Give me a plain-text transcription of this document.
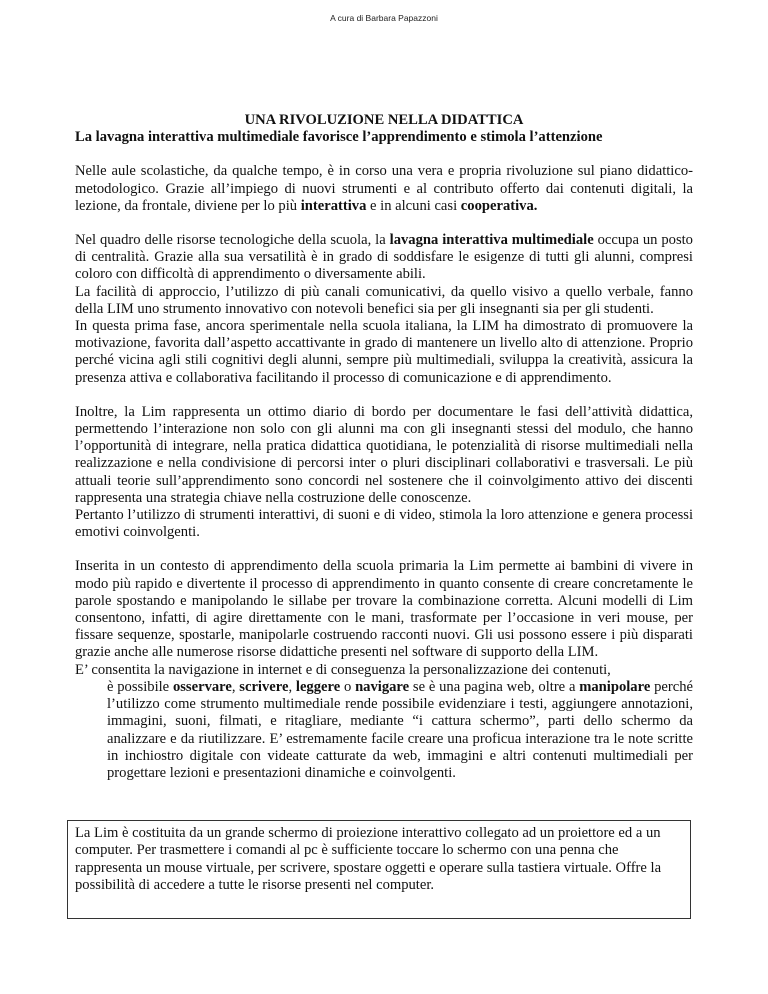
A cura di Barbara Papazzoni
UNA RIVOLUZIONE NELLA DIDATTICA
La lavagna interattiva multimediale favorisce l’apprendimento e stimola l’attenzione

Nelle aule scolastiche, da qualche tempo, è in corso una vera e propria rivoluzione sul piano didattico-metodologico. Grazie all’impiego di nuovi strumenti e al contributo offerto dai contenuti digitali, la lezione, da frontale, diviene per lo più interattiva e in alcuni casi cooperativa.

Nel quadro delle risorse tecnologiche della scuola, la lavagna interattiva multimediale occupa un posto di centralità. Grazie alla sua versatilità è in grado di soddisfare le esigenze di tutti gli alunni, compresi coloro con difficoltà di apprendimento o diversamente abili.
La facilità di approccio, l’utilizzo di più canali comunicativi, da quello visivo a quello verbale, fanno della LIM uno strumento innovativo con notevoli benefici sia per gli insegnanti sia per gli studenti.
In questa prima fase, ancora sperimentale nella scuola italiana, la LIM ha dimostrato di promuovere la motivazione, favorita dall’aspetto accattivante in grado di mantenere un livello alto di attenzione. Proprio perché vicina agli stili cognitivi degli alunni, sempre più multimediali, sviluppa la creatività, assicura la presenza attiva e collaborativa facilitando il processo di comunicazione e di apprendimento.

Inoltre, la Lim rappresenta un ottimo diario di bordo per documentare le fasi dell’attività didattica, permettendo l’interazione non solo con gli alunni ma con gli insegnanti stessi del modulo, che hanno l’opportunità di integrare, nella pratica didattica quotidiana, le potenzialità di risorse multimediali nella realizzazione e nella condivisione di percorsi inter o pluri disciplinari collaborativi e trasversali. Le più attuali teorie sull’apprendimento sono concordi nel sostenere che il coinvolgimento attivo dei discenti rappresenta una strategia chiave nella costruzione delle conoscenze.
Pertanto l’utilizzo di strumenti interattivi, di suoni e di video, stimola la loro attenzione e genera processi emotivi coinvolgenti.

Inserita in un contesto di apprendimento della scuola primaria la Lim permette ai bambini di vivere in modo più rapido e divertente il processo di apprendimento in quanto consente di creare concretamente le parole spostando e manipolando le sillabe per trovare la combinazione corretta. Alcuni modelli di Lim consentono, infatti, di agire direttamente con le mani, trasformate per l’occasione in veri mouse, per fissare sequenze, spostarle, manipolarle costruendo racconti nuovi. Gli usi possono essere i più disparati grazie anche alle numerose risorse didattiche presenti nel software di supporto della LIM.
E’ consentita la navigazione in internet e di conseguenza la personalizzazione dei contenuti,
è possibile osservare, scrivere, leggere o navigare se è una pagina web, oltre a manipolare perché l’utilizzo come strumento multimediale rende possibile evidenziare i testi, aggiungere annotazioni, immagini, suoni, filmati, e ritagliare, mediante “i cattura schermo”, parti dello schermo da analizzare e da riutilizzare. E’ estremamente facile creare una proficua interazione tra le note scritte in inchiostro digitale con videate catturate da web, immagini e altri contenuti multimediali per progettare lezioni e presentazioni dinamiche e coinvolgenti.

La Lim è costituita da un grande schermo di proiezione interattivo collegato ad un proiettore ed a un computer. Per trasmettere i comandi al pc è sufficiente toccare lo schermo con una penna che rappresenta un mouse virtuale, per scrivere, spostare oggetti e operare sulla tastiera virtuale. Offre la possibilità di accedere a tutte le risorse presenti nel computer.
